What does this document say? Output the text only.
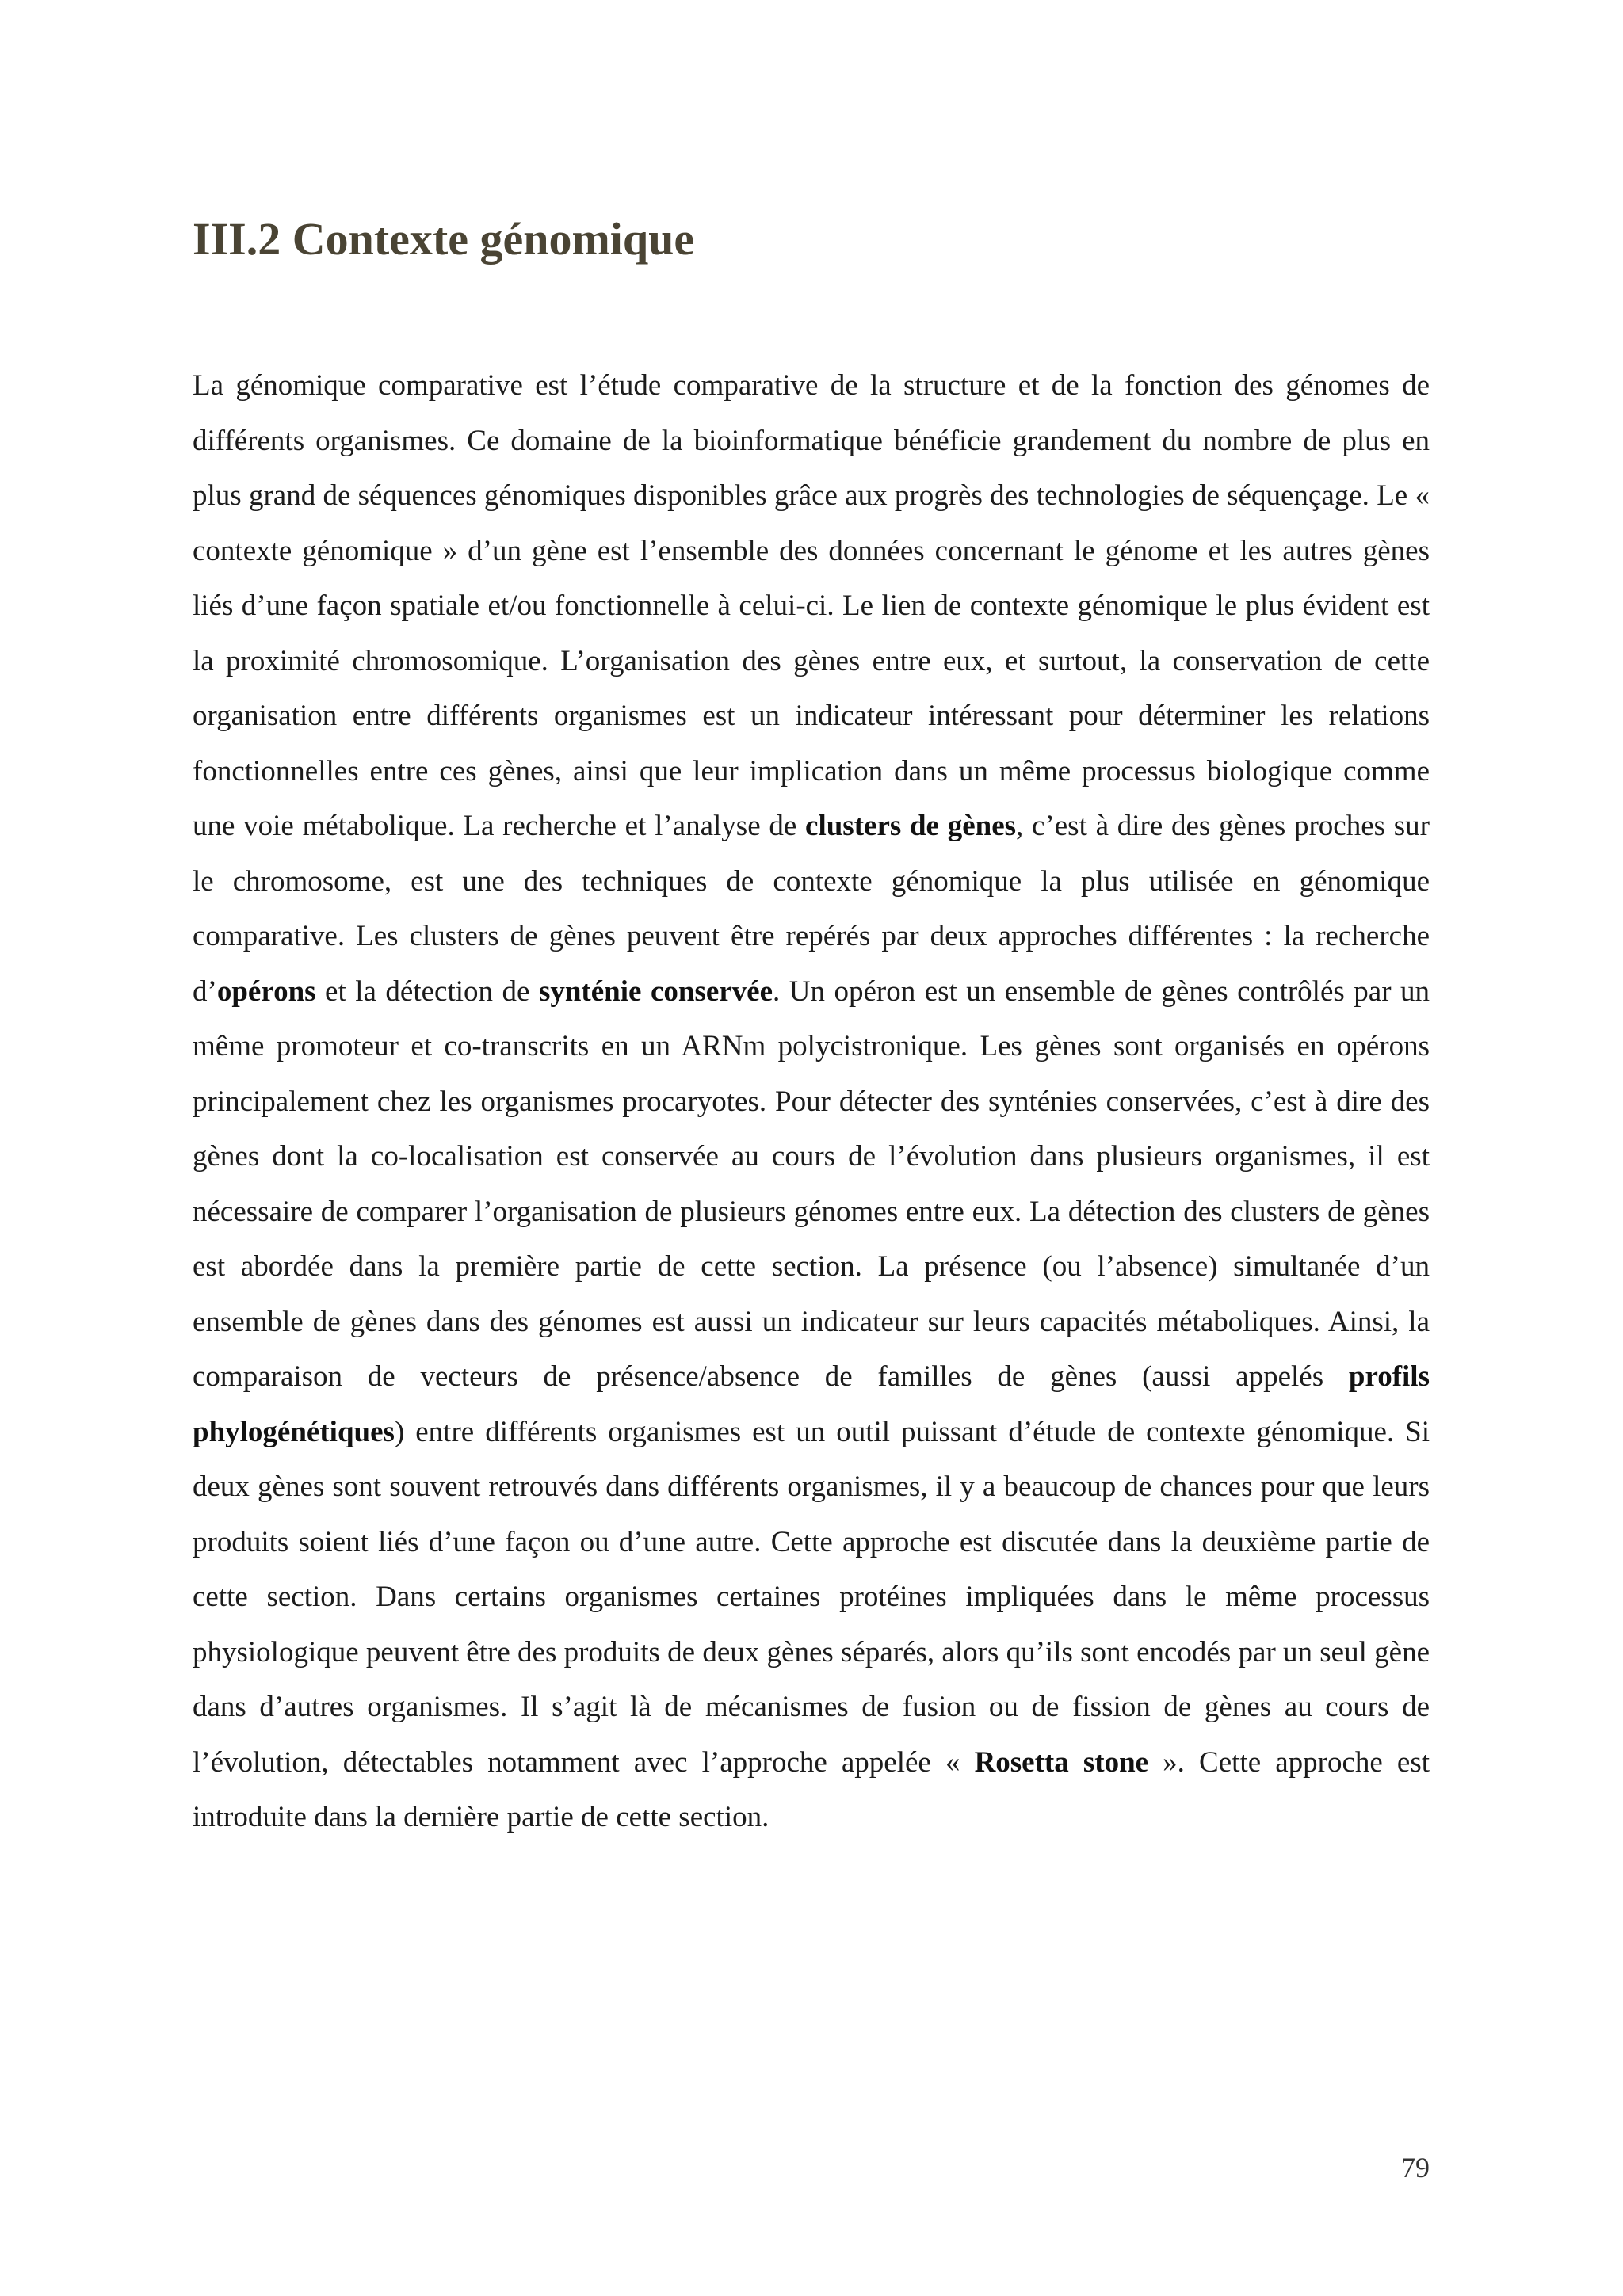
III.2 Contexte génomique

La génomique comparative est l’étude comparative de la structure et de la fonction des génomes de différents organismes. Ce domaine de la bioinformatique bénéficie grandement du nombre de plus en plus grand de séquences génomiques disponibles grâce aux progrès des technologies de séquençage. Le « contexte génomique » d’un gène est l’ensemble des données concernant le génome et les autres gènes liés d’une façon spatiale et/ou fonctionnelle à celui-ci. Le lien de contexte génomique le plus évident est la proximité chromosomique. L’organisation des gènes entre eux, et surtout, la conservation de cette organisation entre différents organismes est un indicateur intéressant pour déterminer les relations fonctionnelles entre ces gènes, ainsi que leur implication dans un même processus biologique comme une voie métabolique. La recherche et l’analyse de clusters de gènes, c’est à dire des gènes proches sur le chromosome, est une des techniques de contexte génomique la plus utilisée en génomique comparative. Les clusters de gènes peuvent être repérés par deux approches différentes : la recherche d’opérons et la détection de synténie conservée. Un opéron est un ensemble de gènes contrôlés par un même promoteur et co-transcrits en un ARNm polycistronique. Les gènes sont organisés en opérons principalement chez les organismes procaryotes. Pour détecter des synténies conservées, c’est à dire des gènes dont la co-localisation est conservée au cours de l’évolution dans plusieurs organismes, il est nécessaire de comparer l’organisation de plusieurs génomes entre eux. La détection des clusters de gènes est abordée dans la première partie de cette section. La présence (ou l’absence) simultanée d’un ensemble de gènes dans des génomes est aussi un indicateur sur leurs capacités métaboliques. Ainsi, la comparaison de vecteurs de présence/absence de familles de gènes (aussi appelés profils phylogénétiques) entre différents organismes est un outil puissant d’étude de contexte génomique. Si deux gènes sont souvent retrouvés dans différents organismes, il y a beaucoup de chances pour que leurs produits soient liés d’une façon ou d’une autre. Cette approche est discutée dans la deuxième partie de cette section. Dans certains organismes certaines protéines impliquées dans le même processus physiologique peuvent être des produits de deux gènes séparés, alors qu’ils sont encodés par un seul gène dans d’autres organismes. Il s’agit là de mécanismes de fusion ou de fission de gènes au cours de l’évolution, détectables notamment avec l’approche appelée « Rosetta stone ». Cette approche est introduite dans la dernière partie de cette section.

79
